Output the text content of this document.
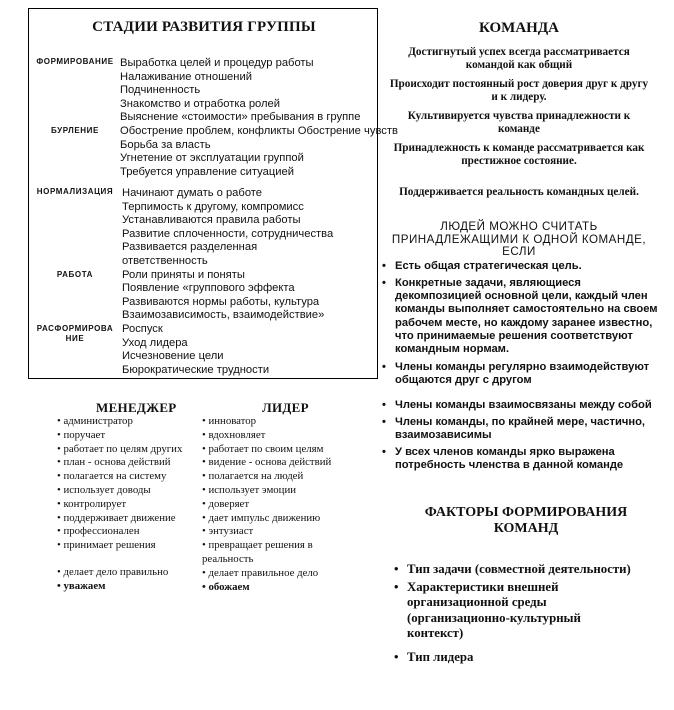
СТАДИИ РАЗВИТИЯ ГРУППЫ
ФОРМИРОВАНИЕ
БУРЛЕНИЕ
НОРМАЛИЗАЦИЯ
РАБОТА
РАСФОРМИРОВА НИЕ
Выработка целей и процедур работы
Налаживание отношений
Подчиненность
Знакомство и отработка ролей
Выяснение «стоимости» пребывания в группе
Обострение проблем, конфликты Обострение чувств
Борьба за власть
Угнетение от эксплуатации группой
Требуется управление ситуацией
Начинают думать о работе
Терпимость к другому, компромисс
Устанавливаются правила работы
Развитие сплоченности, сотрудничества
Развивается разделенная
ответственность
Роли приняты и поняты
Появление «группового эффекта
Развиваются нормы работы, культура
Взаимозависимость, взаимодействие»
Роспуск
Уход лидера
Исчезновение цели
Бюрократические трудности
КОМАНДА
Достигнутый успех всегда рассматривается командой как общий
Происходит постоянный рост доверия друг к другу и к лидеру.
Культивируется чувства принадлежности к команде
Принадлежность к команде рассматривается как престижное состояние.
Поддерживается реальность командных целей.
ЛЮДЕЙ МОЖНО СЧИТАТЬ ПРИНАДЛЕЖАЩИМИ К ОДНОЙ КОМАНДЕ, ЕСЛИ
• Есть общая стратегическая цель.
• Конкретные задачи, являющиеся декомпозицией основной цели, каждый член команды выполняет самостоятельно на своем рабочем месте, но каждому заранее известно, что принимаемые решения соответствуют командным нормам.
• Члены команды регулярно взаимодействуют общаются друг с другом
• Члены команды взаимосвязаны между собой
• Члены команды, по крайней мере, частично, взаимозависимы
• У всех членов команды ярко выражена потребность членства в данной команде
МЕНЕДЖЕР	ЛИДЕР
• администратор
• поручает
• работает по целям других
• план - основа действий
• полагается на систему
• использует доводы
• контролирует
• поддерживает движение
• профессионален
• принимает решения
• делает дело правильно
• уважаем
• инноватор
• вдохновляет
• работает по своим целям
• видение - основа действий
• полагается на людей
• использует эмоции
• доверяет
• дает импульс движению
• энтузиаст
• превращает решения в реальность
• делает правильное дело
• обожаем
ФАКТОРЫ ФОРМИРОВАНИЯ КОМАНД
• Тип задачи (совместной деятельности)
• Характеристики внешней организационной среды (организационно-культурный контекст)
• Тип лидера
